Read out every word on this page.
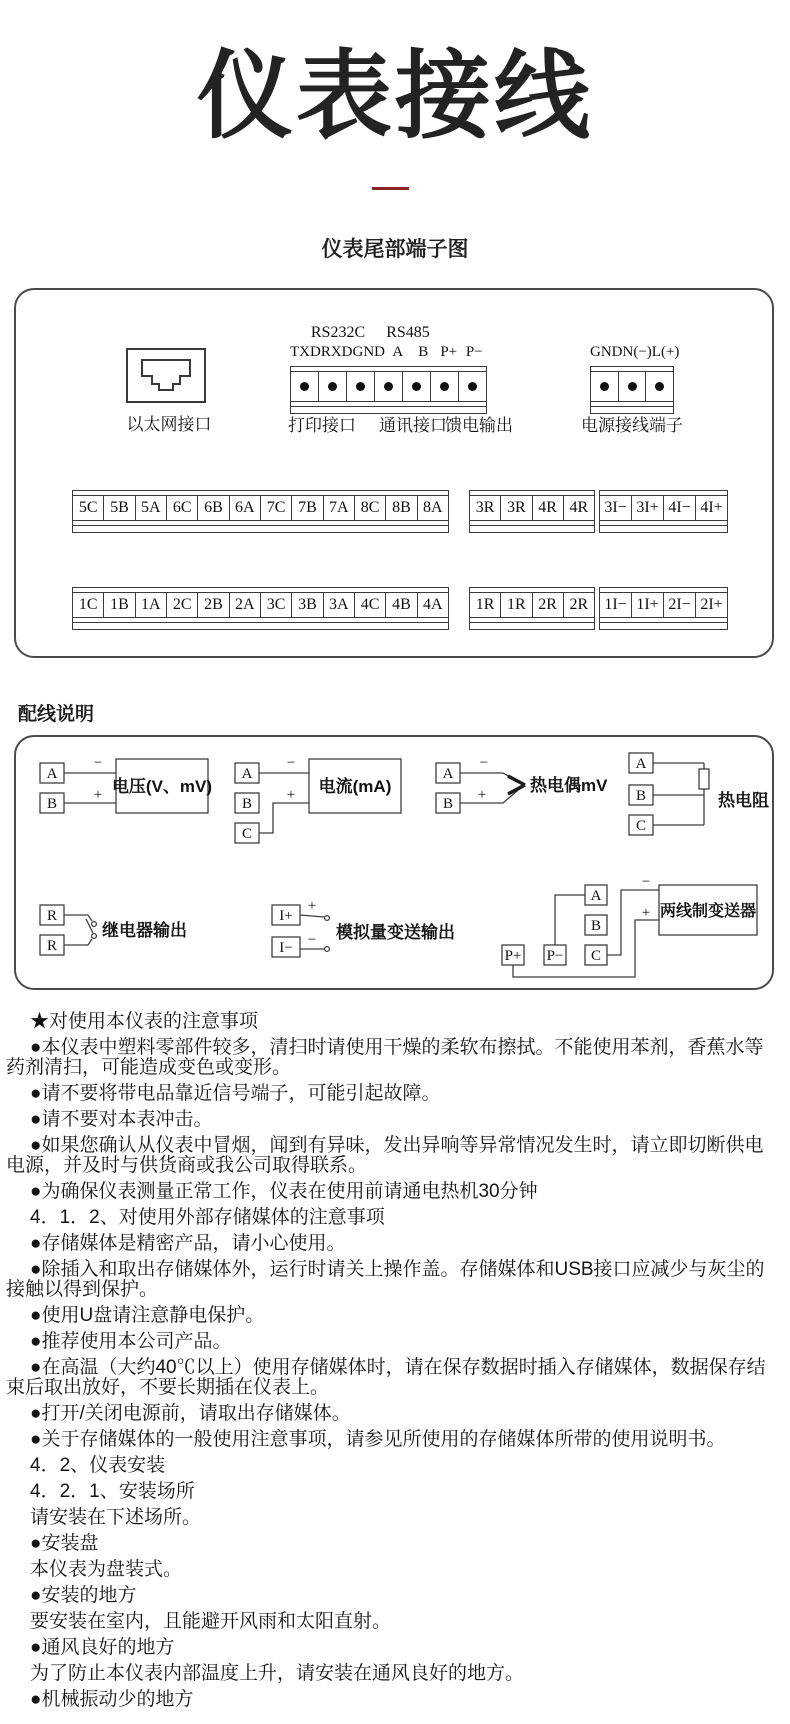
仪表接线
仪表尾部端子图
以太网接口
RS232C	RS485
TXD RXD GND A	B P+ P−
打印接口 通讯接口
馈电输出
GND N(−) L(+)
电源接线端子
5C 5B 5A 6C 6B 6A 7C 7B 7A 8C 8B 8A	3R 3R 4R 4R	3I− 3I+ 4I− 4I+
1C 1B 1A 2C 2B 2A 3C 3B 3A 4C 4B 4A	1R 1R 2R 2R	1I− 1I+ 2I− 2I+
配线说明
A
B
−
+ 电压(V、mV)
A
B
C
−
+ 电流(mA)
A
B
−
+	热电偶mV
A
B
C
热电阻
R
R
继电器输出
I+
I−
+
− 模拟量变送输出
A
B
C
P+ P−
−
+ 两线制变送器

★对使用本仪表的注意事项

●本仪表中塑料零部件较多，清扫时请使用干燥的柔软布擦拭。不能使用苯剂，香蕉水等药剂清扫，可能造成变色或变形。

●请不要将带电品靠近信号端子，可能引起故障。

●请不要对本表冲击。

●如果您确认从仪表中冒烟，闻到有异味，发出异响等异常情况发生时，请立即切断供电电源，并及时与供货商或我公司取得联系。

●为确保仪表测量正常工作，仪表在使用前请通电热机30分钟

4．1．2、对使用外部存储媒体的注意事项

●存储媒体是精密产品，请小心使用。

●除插入和取出存储媒体外，运行时请关上操作盖。存储媒体和USB接口应减少与灰尘的接触以得到保护。

●使用U盘请注意静电保护。

●推荐使用本公司产品。

●在高温（大约40℃以上）使用存储媒体时，请在保存数据时插入存储媒体，数据保存结束后取出放好，不要长期插在仪表上。

●打开/关闭电源前，请取出存储媒体。

●关于存储媒体的一般使用注意事项，请参见所使用的存储媒体所带的使用说明书。

4．2、仪表安装

4．2．1、安装场所

请安装在下述场所。

●安装盘

本仪表为盘装式。

●安装的地方

要安装在室内，且能避开风雨和太阳直射。

●通风良好的地方

为了防止本仪表内部温度上升，请安装在通风良好的地方。

●机械振动少的地方
